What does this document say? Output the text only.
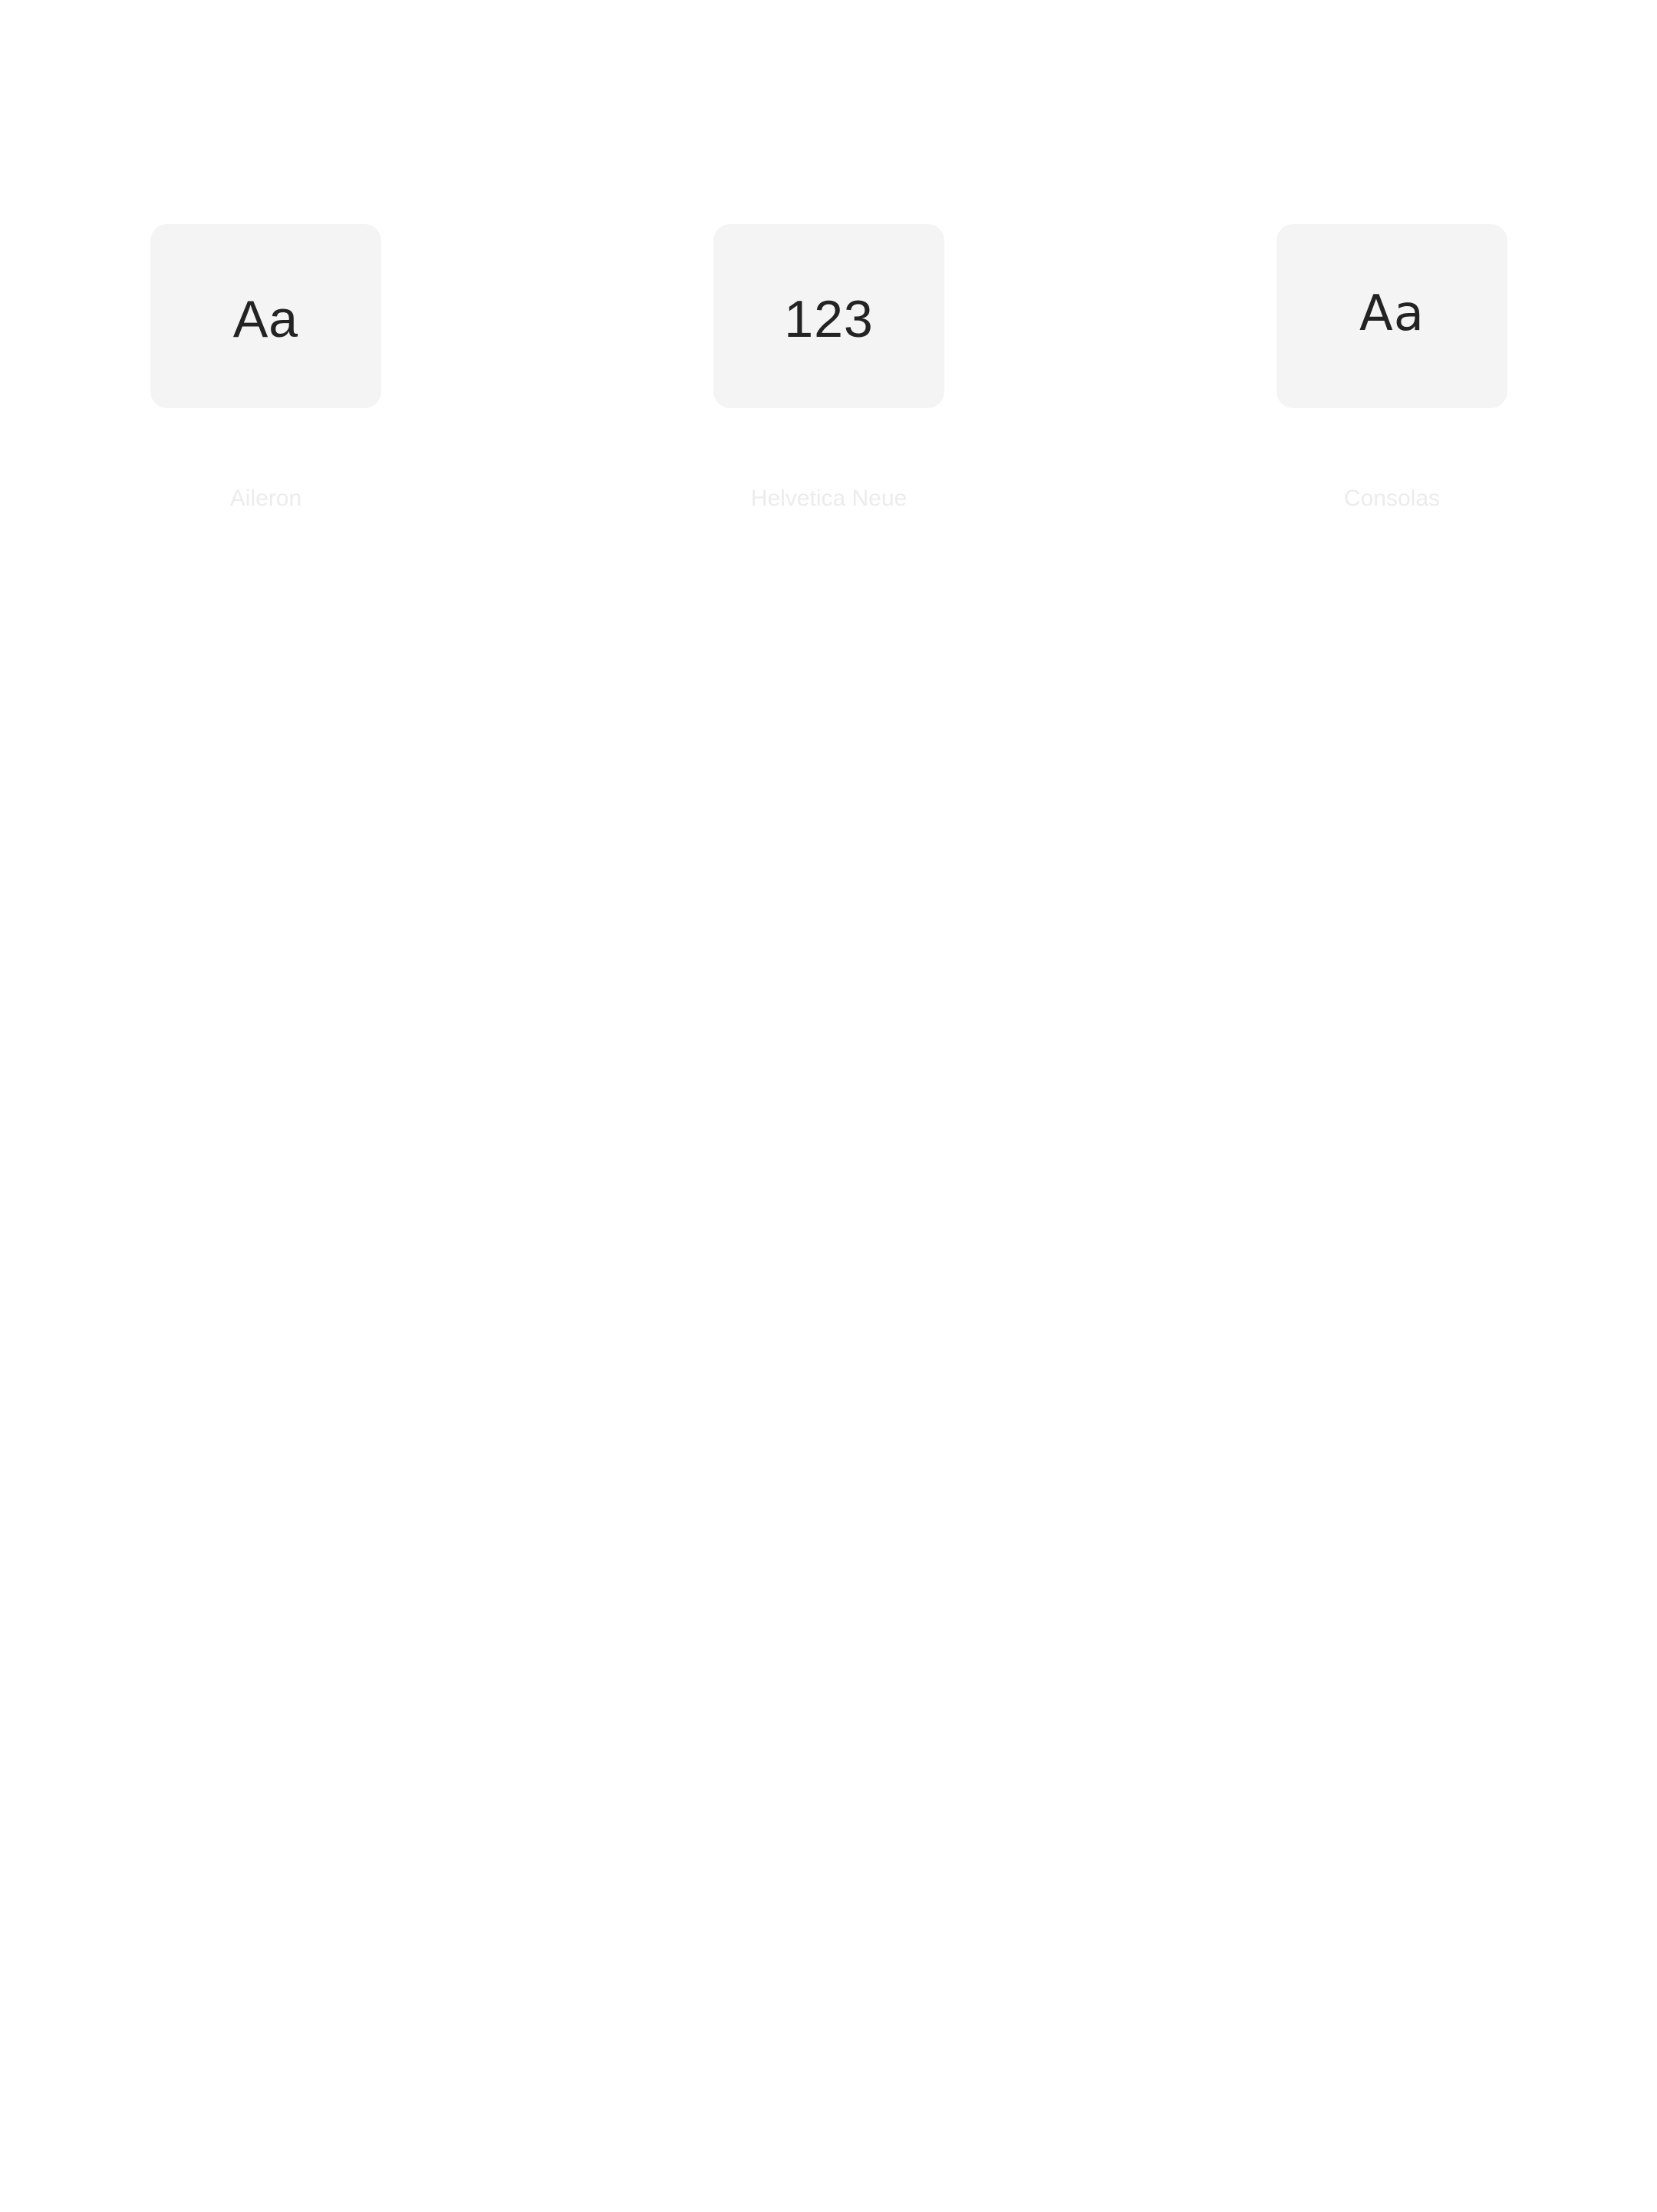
Aa
Aileron
123
Helvetica Neue
Aa
Consolas
